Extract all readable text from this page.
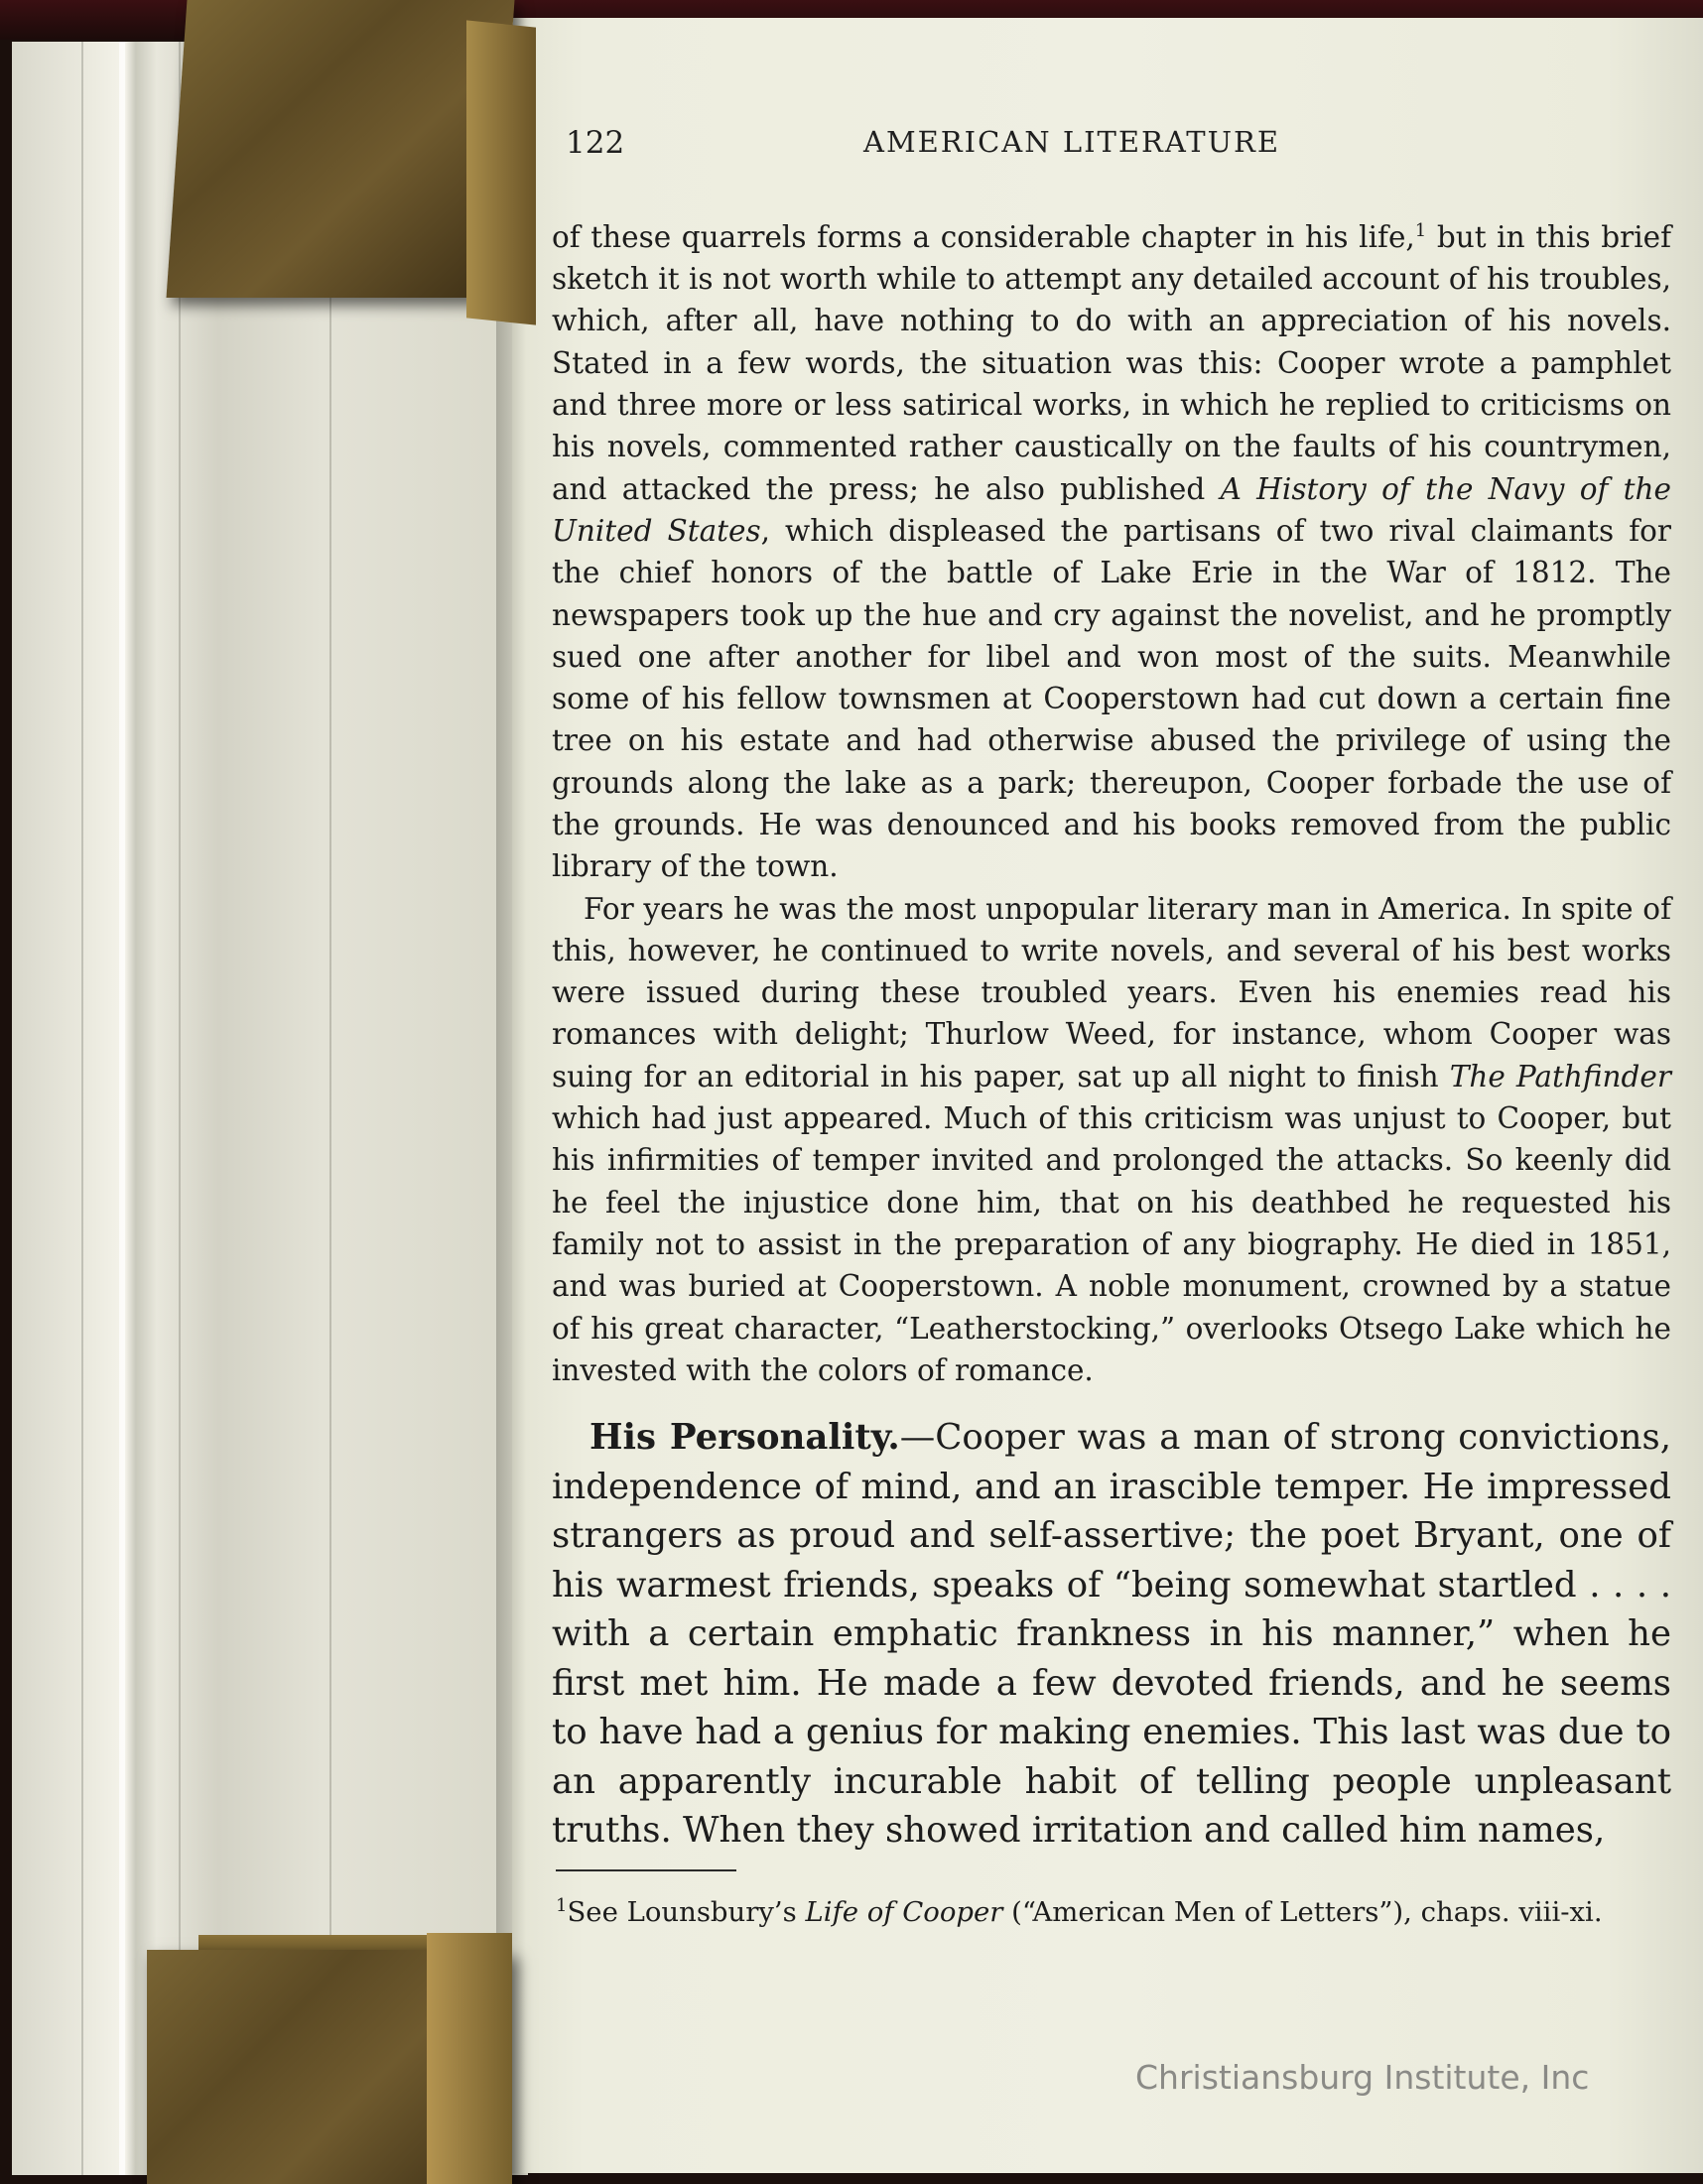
122	AMERICAN LITERATURE

of these quarrels forms a considerable chapter in his life,$^1$ but in this brief sketch it is not worth while to attempt any detailed account of his troubles, which, after all, have nothing to do with an appreciation of his novels. Stated in a few words, the situation was this: Cooper wrote a pamphlet and three more or less satirical works, in which he replied to criticisms on his novels, commented rather caustically on the faults of his countrymen, and attacked the press; he also published A History of the Navy of the United States, which displeased the partisans of two rival claimants for the chief honors of the battle of Lake Erie in the War of 1812. The newspapers took up the hue and cry against the novelist, and he promptly sued one after another for libel and won most of the suits. Meanwhile some of his fellow townsmen at Cooperstown had cut down a certain fine tree on his estate and had otherwise abused the privilege of using the grounds along the lake as a park; thereupon, Cooper forbade the use of the grounds. He was denounced and his books removed from the public library of the town.

For years he was the most unpopular literary man in America. In spite of this, however, he continued to write novels, and several of his best works were issued during these troubled years. Even his enemies read his romances with delight; Thurlow Weed, for instance, whom Cooper was suing for an editorial in his paper, sat up all night to finish The Pathfinder which had just appeared. Much of this criticism was unjust to Cooper, but his infirmities of temper invited and prolonged the attacks. So keenly did he feel the injustice done him, that on his deathbed he requested his family not to assist in the preparation of any biography. He died in 1851, and was buried at Cooperstown. A noble monument, crowned by a statue of his great character, “Leatherstocking,” overlooks Otsego Lake which he invested with the colors of romance.

His Personality.—Cooper was a man of strong convictions, independence of mind, and an irascible temper. He impressed strangers as proud and self-assertive; the poet Bryant, one of his warmest friends, speaks of “being somewhat startled . . . . with a certain emphatic frankness in his manner,” when he first met him. He made a few devoted friends, and he seems to have had a genius for making enemies. This last was due to an apparently incurable habit of telling people unpleasant truths. When they showed irritation and called him names,

$^1$See Lounsbury’s Life of Cooper (“American Men of Letters”), chaps. viii-xi.
Christiansburg Institute, Inc
